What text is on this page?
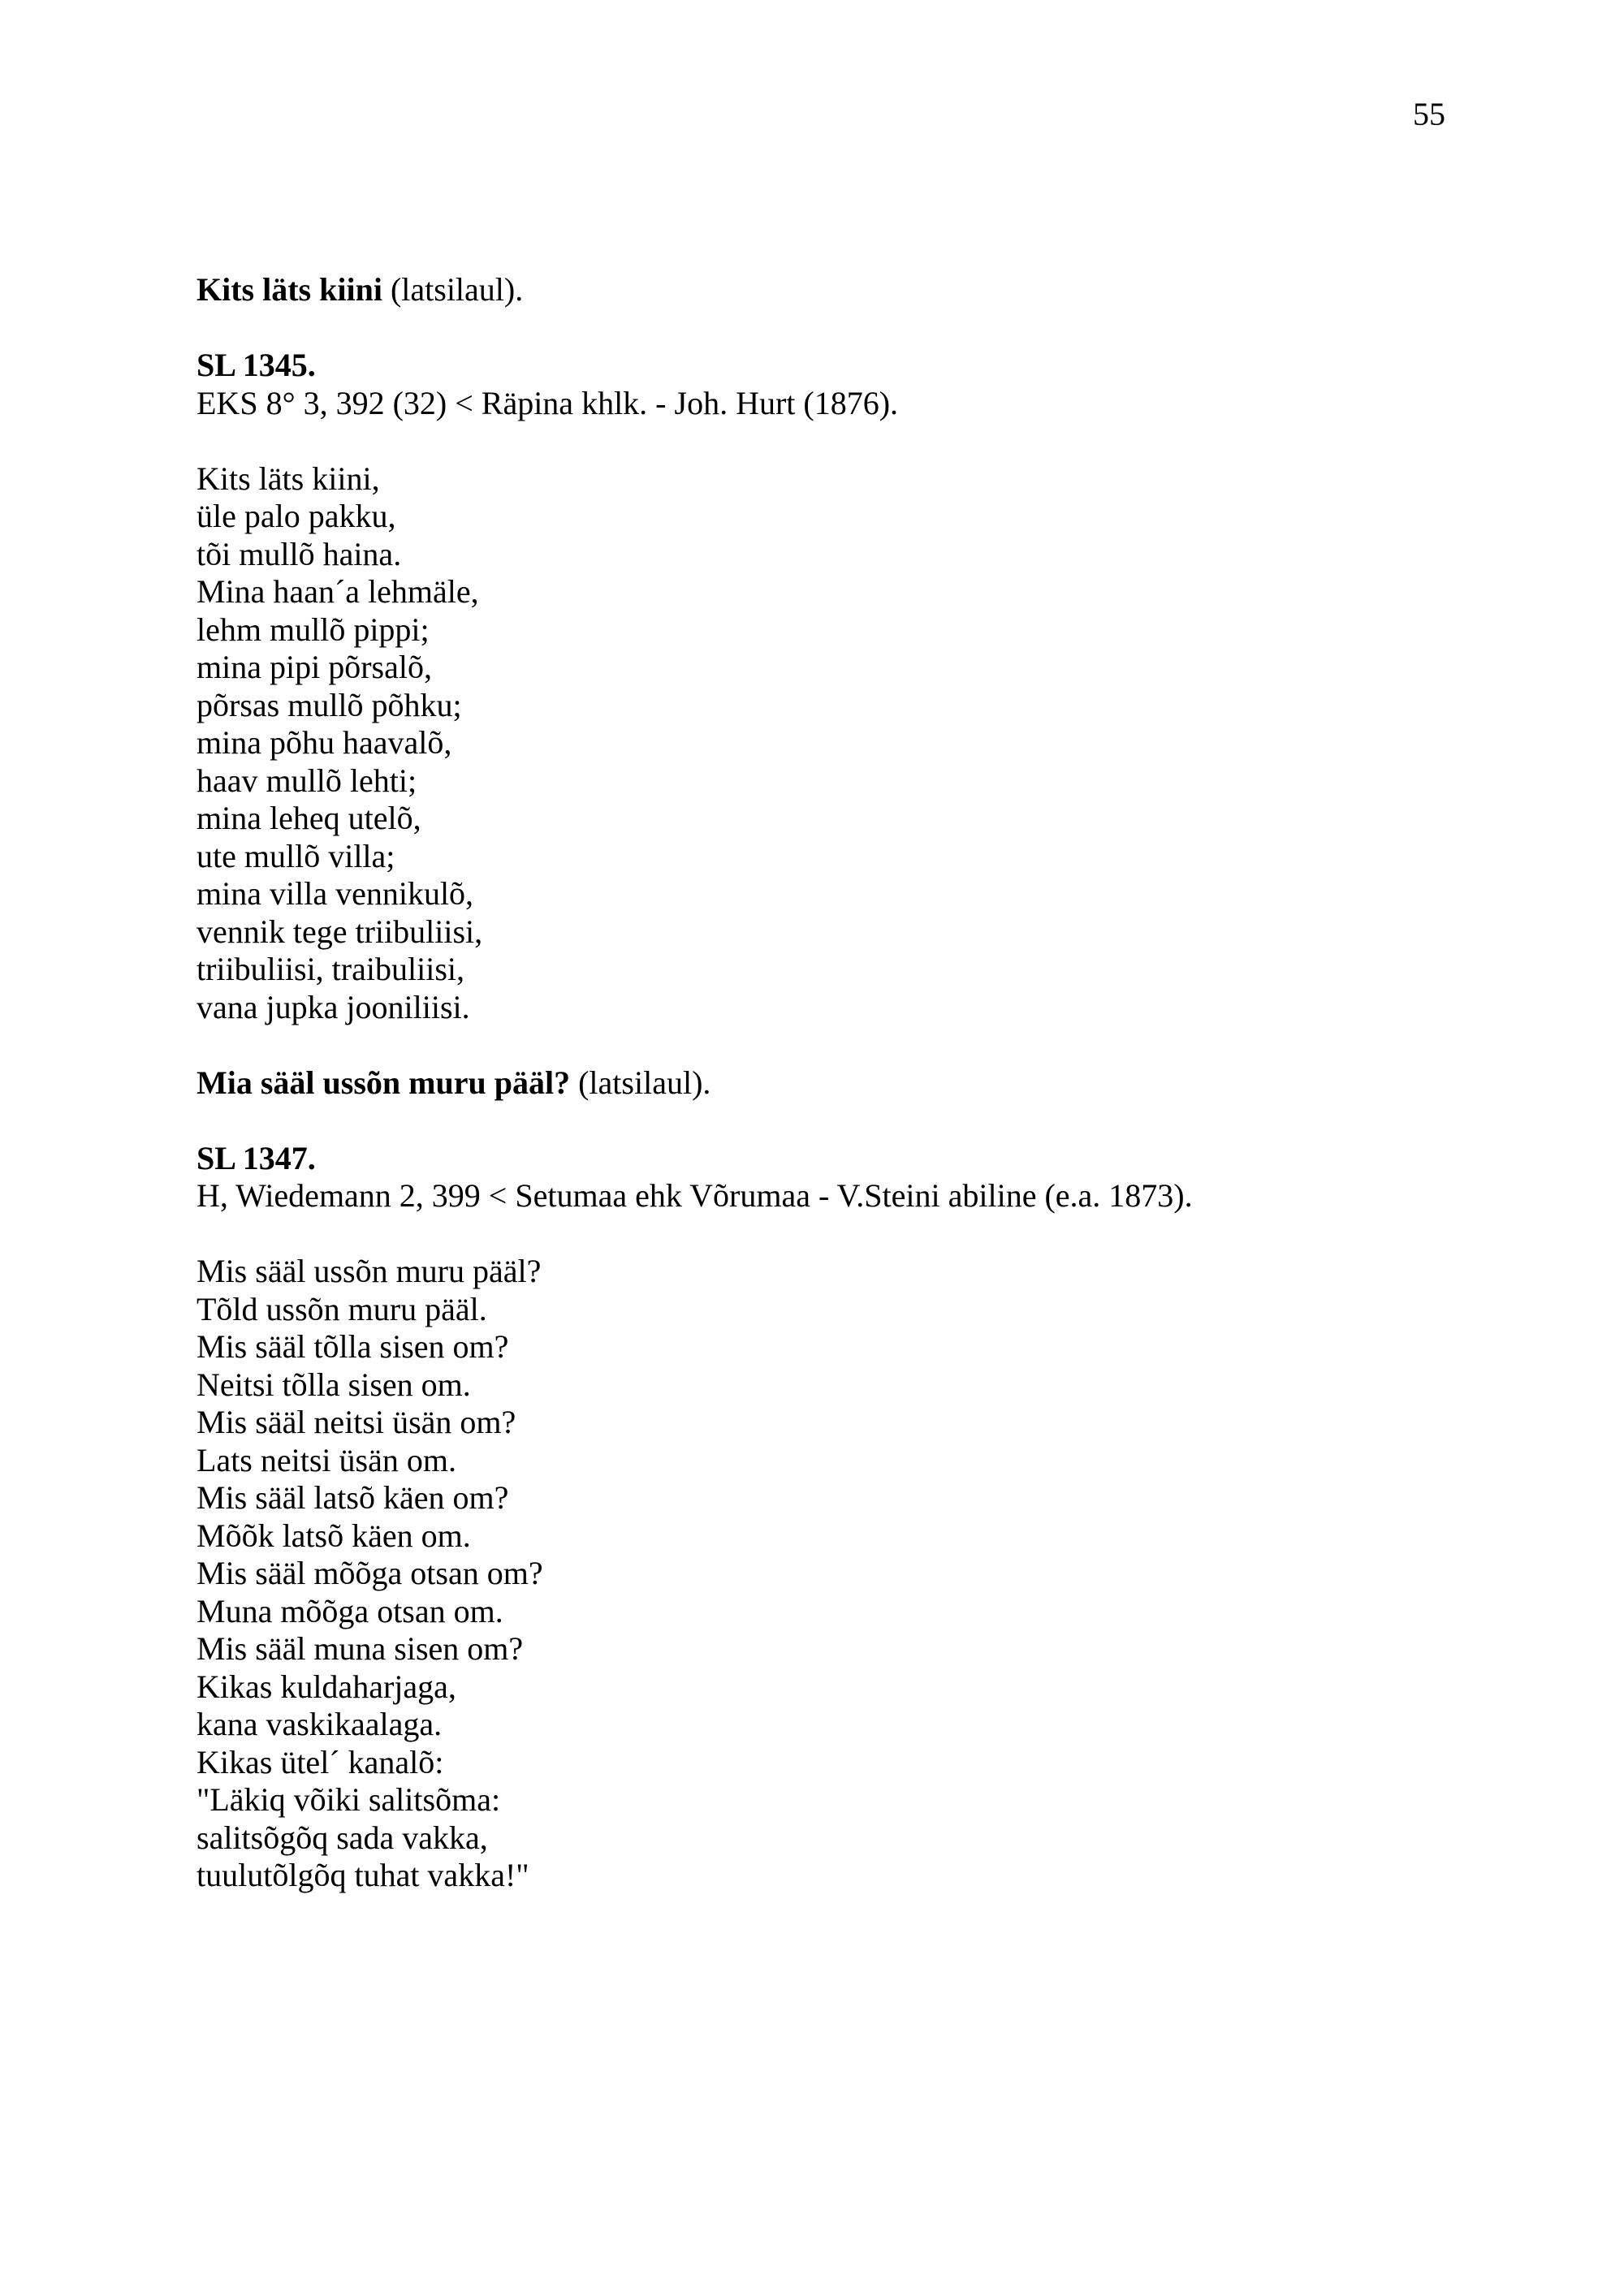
55

Kits läts kiini (latsilaul).

SL 1345.

EKS 8° 3, 392 (32) < Räpina khlk. - Joh. Hurt (1876).

Kits läts kiini,
üle palo pakku,
tõi mullõ haina.
Mina haan´a lehmäle,
lehm mullõ pippi;
mina pipi põrsalõ,
põrsas mullõ põhku;
mina põhu haavalõ,
haav mullõ lehti;
mina leheq utelõ,
ute mullõ villa;
mina villa vennikulõ,
vennik tege triibuliisi,
triibuliisi, traibuliisi,
vana jupka jooniliisi.

Mia sääl ussõn muru pääl? (latsilaul).

SL 1347.

H, Wiedemann 2, 399 < Setumaa ehk Võrumaa - V.Steini abiline (e.a. 1873).

Mis sääl ussõn muru pääl?
Tõld ussõn muru pääl.
Mis sääl tõlla sisen om?
Neitsi tõlla sisen om.
Mis sääl neitsi üsän om?
Lats neitsi üsän om.
Mis sääl latsõ käen om?
Mõõk latsõ käen om.
Mis sääl mõõga otsan om?
Muna mõõga otsan om.
Mis sääl muna sisen om?
Kikas kuldaharjaga,
kana vaskikaalaga.
Kikas ütel´ kanalõ:
"Läkiq võiki salitsõma:
salitsõgõq sada vakka,
tuulutõlgõq tuhat vakka!"
